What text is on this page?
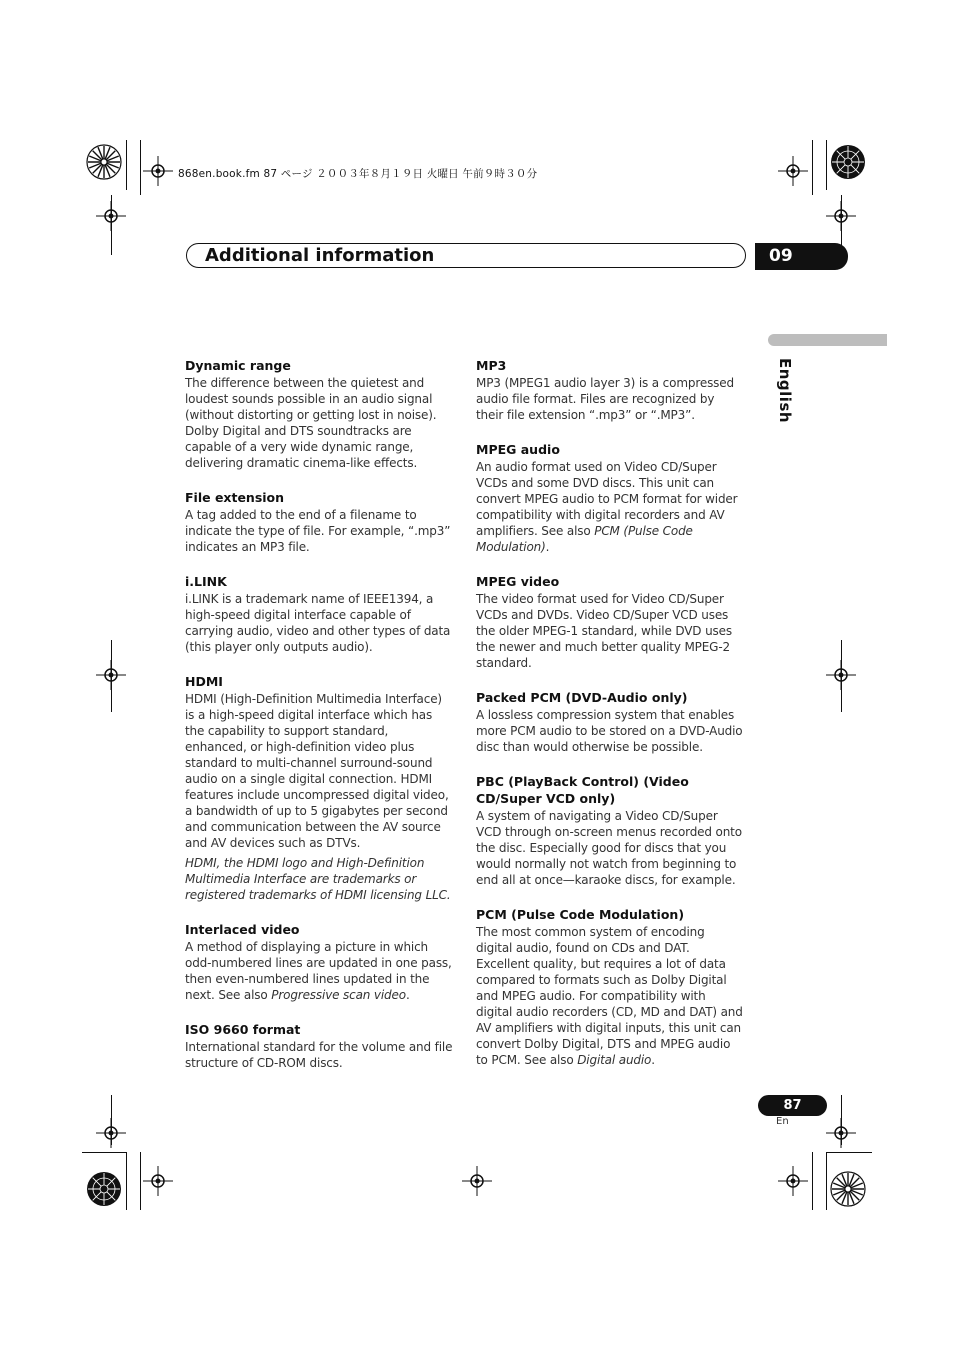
868en.book.fm 87 ページ ２００３年８月１９日 火曜日 午前９時３０分
Additional information	09
English

Dynamic range

The difference between the quietest and loudest sounds possible in an audio signal (without distorting or getting lost in noise). Dolby Digital and DTS soundtracks are capable of a very wide dynamic range, delivering dramatic cinema-like effects.

File extension

A tag added to the end of a filename to indicate the type of file. For example, “.mp3” indicates an MP3 file.

i.LINK

i.LINK is a trademark name of IEEE1394, a high-speed digital interface capable of carrying audio, video and other types of data (this player only outputs audio).

HDMI

HDMI (High-Definition Multimedia Interface) is a high-speed digital interface which has the capability to support standard, enhanced, or high-definition video plus standard to multi-channel surround-sound audio on a single digital connection. HDMI features include uncompressed digital video, a bandwidth of up to 5 gigabytes per second and communication between the AV source and AV devices such as DTVs.

HDMI, the HDMI logo and High-Definition Multimedia Interface are trademarks or registered trademarks of HDMI licensing LLC.

Interlaced video

A method of displaying a picture in which odd-numbered lines are updated in one pass, then even-numbered lines updated in the next. See also Progressive scan video.

ISO 9660 format

International standard for the volume and file structure of CD-ROM discs.

MP3

MP3 (MPEG1 audio layer 3) is a compressed audio file format. Files are recognized by their file extension “.mp3” or “.MP3”.

MPEG audio

An audio format used on Video CD/Super VCDs and some DVD discs. This unit can convert MPEG audio to PCM format for wider compatibility with digital recorders and AV amplifiers. See also PCM (Pulse Code Modulation).

MPEG video

The video format used for Video CD/Super VCDs and DVDs. Video CD/Super VCD uses the older MPEG-1 standard, while DVD uses the newer and much better quality MPEG-2 standard.

Packed PCM (DVD-Audio only)

A lossless compression system that enables more PCM audio to be stored on a DVD-Audio disc than would otherwise be possible.

PBC (PlayBack Control) (Video CD/Super VCD only)

A system of navigating a Video CD/Super VCD through on-screen menus recorded onto the disc. Especially good for discs that you would normally not watch from beginning to end all at once—karaoke discs, for example.

PCM (Pulse Code Modulation)

The most common system of encoding digital audio, found on CDs and DAT. Excellent quality, but requires a lot of data compared to formats such as Dolby Digital and MPEG audio. For compatibility with digital audio recorders (CD, MD and DAT) and AV amplifiers with digital inputs, this unit can convert Dolby Digital, DTS and MPEG audio to PCM. See also Digital audio.

87
En
